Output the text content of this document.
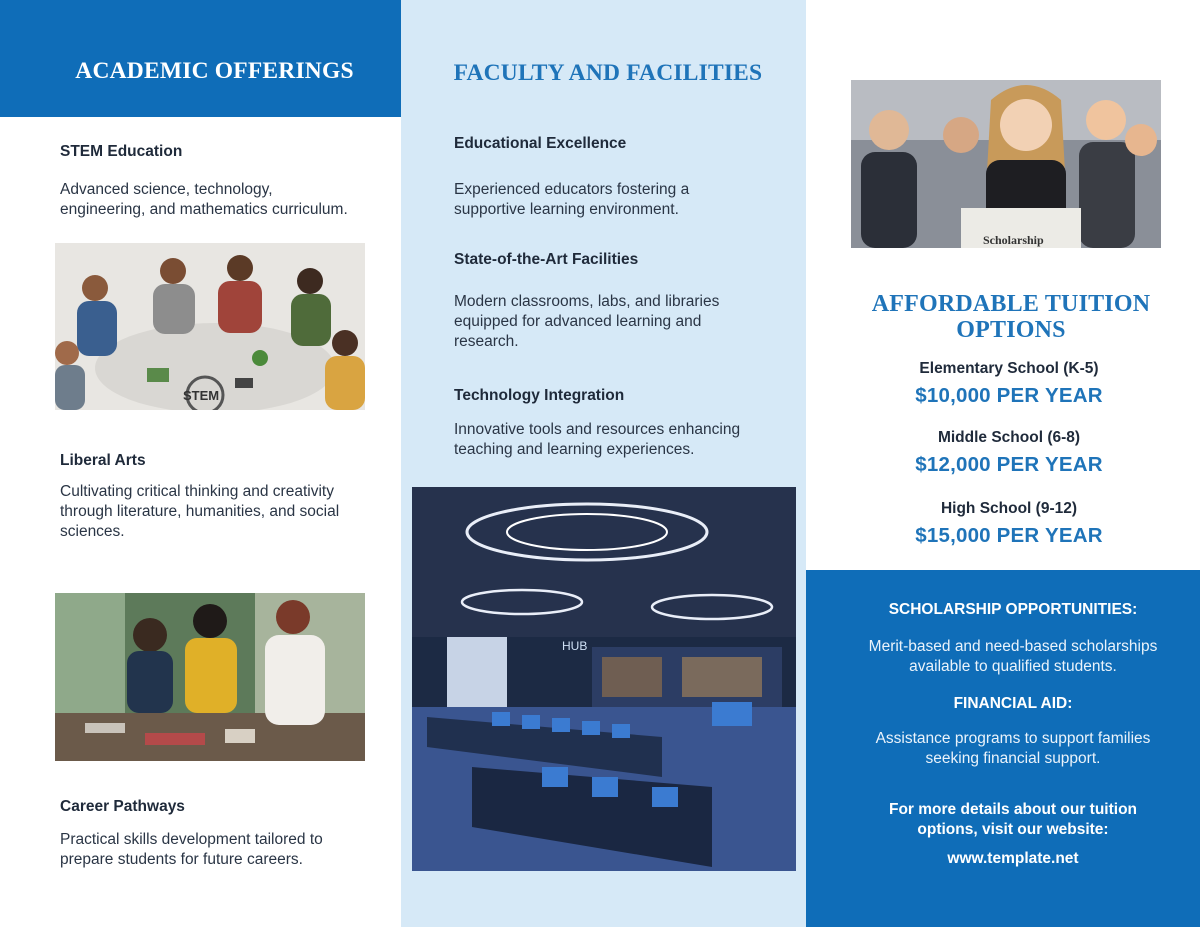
ACADEMIC OFFERINGS
STEM Education
Advanced science, technology,
engineering, and mathematics curriculum.
STEM
Liberal Arts
Cultivating critical thinking and creativity
through literature, humanities, and social
sciences.
Career Pathways
Practical skills development tailored to
prepare students for future careers.
FACULTY AND FACILITIES
Educational Excellence
Experienced educators fostering a
supportive learning environment.
State-of-the-Art Facilities
Modern classrooms, labs, and libraries
equipped for advanced learning and
research.
Technology Integration
Innovative tools and resources enhancing
teaching and learning experiences.
HUB
Scholarship
AFFORDABLE TUITION
OPTIONS
Elementary School (K-5)
$10,000 PER YEAR
Middle School (6-8)
$12,000 PER YEAR
High School (9-12)
$15,000 PER YEAR
SCHOLARSHIP OPPORTUNITIES:
Merit-based and need-based scholarships
available to qualified students.
FINANCIAL AID:
Assistance programs to support families
seeking financial support.
For more details about our tuition
options, visit our website:
www.template.net
